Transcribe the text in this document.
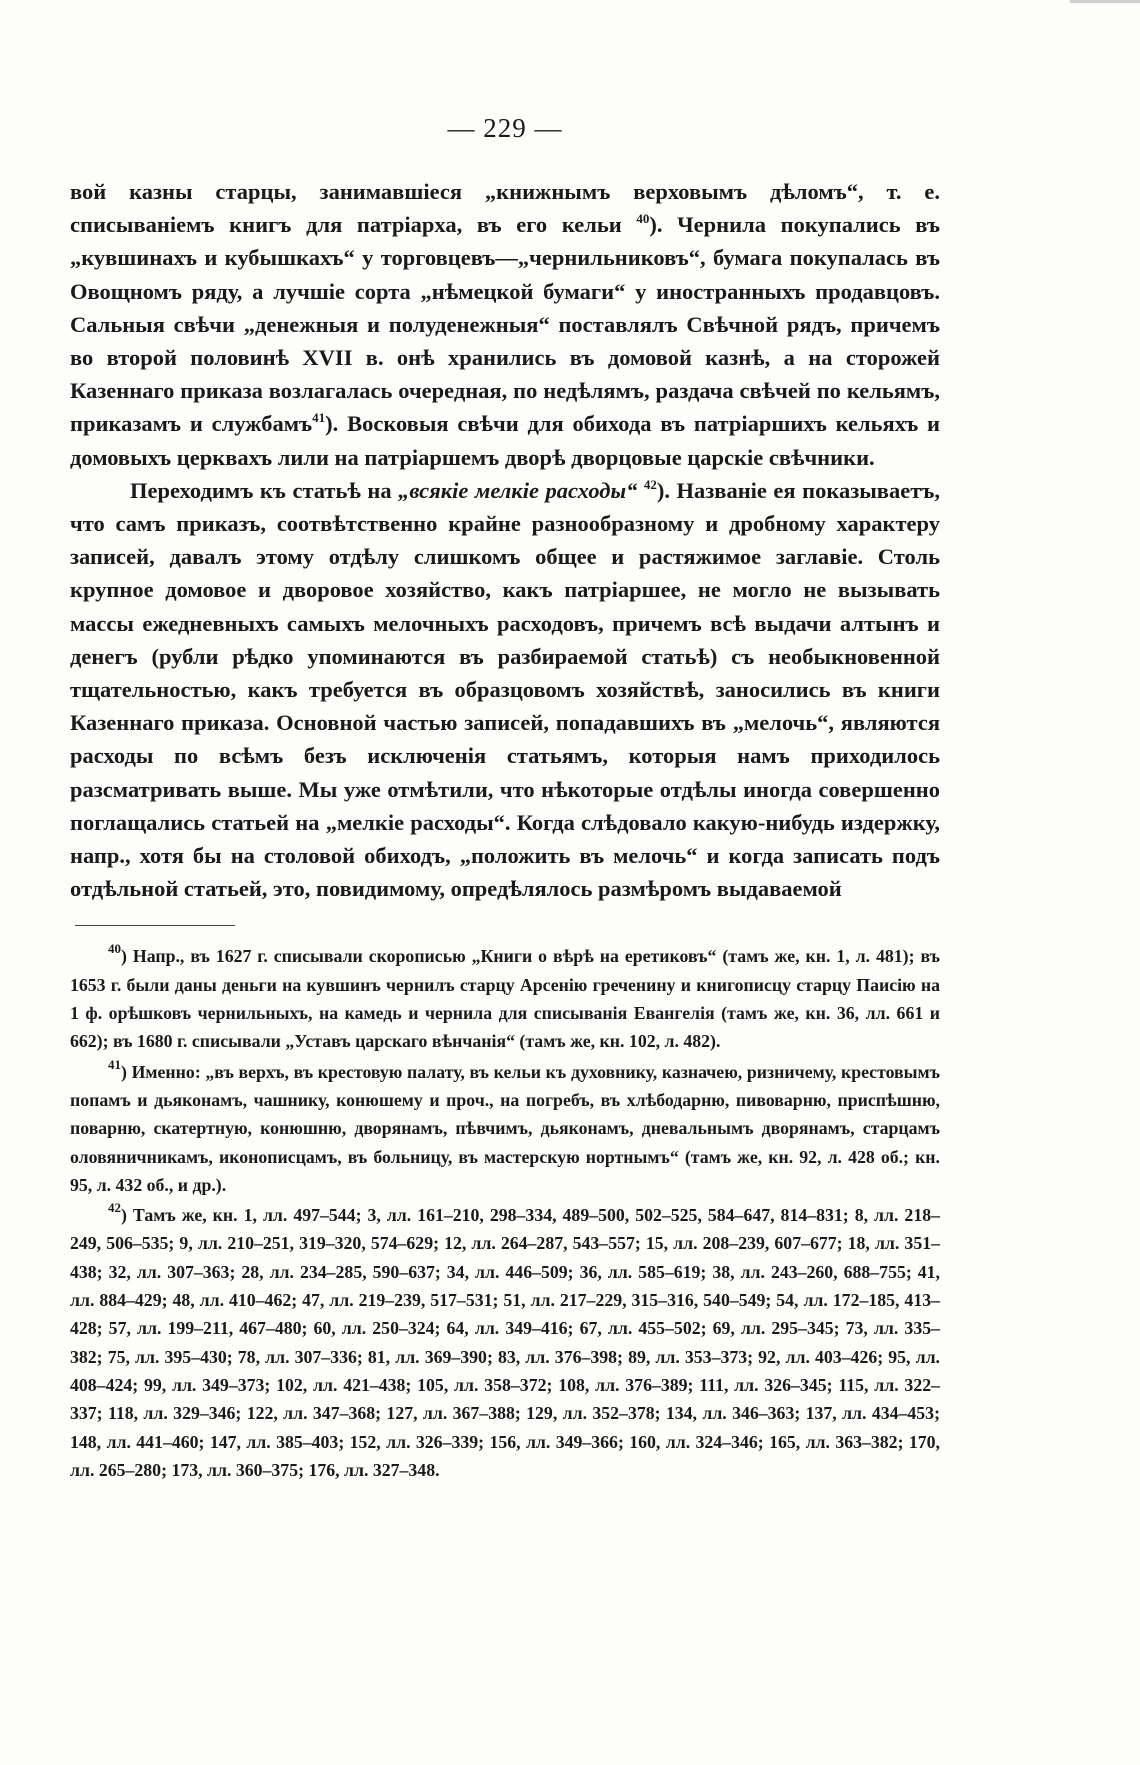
— 229 —

вой казны старцы, занимавшіеся „книжнымъ верховымъ дѣломъ“, т. е. списываніемъ книгъ для патріарха, въ его кельи $^{40}$). Чернила покупались въ „кувшинахъ и кубышкахъ“ у торговцевъ—„чернильниковъ“, бумага покупалась въ Овощномъ ряду, а лучшіе сорта „нѣмецкой бумаги“ у иностранныхъ продавцовъ. Сальныя свѣчи „денежныя и полуденежныя“ поставлялъ Свѣчной рядъ, причемъ во второй половинѣ XVII в. онѣ хранились въ домовой казнѣ, а на сторожей Казеннаго приказа возлагалась очередная, по недѣлямъ, раздача свѣчей по кельямъ, приказамъ и службамъ$^{41}$). Восковыя свѣчи для обихода въ патріаршихъ кельяхъ и домовыхъ церквахъ лили на патріаршемъ дворѣ дворцовые царскіе свѣчники.

Переходимъ къ статьѣ на „всякіе мелкіе расходы“ $^{42}$). Названіе ея показываетъ, что самъ приказъ, соотвѣтственно крайне разнообразному и дробному характеру записей, давалъ этому отдѣлу слишкомъ общее и растяжимое заглавіе. Столь крупное домовое и дворовое хозяйство, какъ патріаршее, не могло не вызывать массы ежедневныхъ самыхъ мелочныхъ расходовъ, причемъ всѣ выдачи алтынъ и денегъ (рубли рѣдко упоминаются въ разбираемой статьѣ) съ необыкновенной тщательностью, какъ требуется въ образцовомъ хозяйствѣ, заносились въ книги Казеннаго приказа. Основной частью записей, попадавшихъ въ „мелочь“, являются расходы по всѣмъ безъ исключенія статьямъ, которыя намъ приходилось разсматривать выше. Мы уже отмѣтили, что нѣкоторые отдѣлы иногда совершенно поглащались статьей на „мелкіе расходы“. Когда слѣдовало какую-нибудь издержку, напр., хотя бы на столовой обиходъ, „положить въ мелочь“ и когда записать подъ отдѣльной статьей, это, повидимому, опредѣлялось размѣромъ выдаваемой

$^{40}$) Напр., въ 1627 г. списывали скорописью „Книги о вѣрѣ на еретиковъ“ (тамъ же, кн. 1, л. 481); въ 1653 г. были даны деньги на кувшинъ чернилъ старцу Арсенію греченину и книгописцу старцу Паисію на 1 ф. орѣшковъ чернильныхъ, на камедь и чернила для списыванія Евангелія (тамъ же, кн. 36, лл. 661 и 662); въ 1680 г. списывали „Уставъ царскаго вѣнчанія“ (тамъ же, кн. 102, л. 482).

$^{41}$) Именно: „въ верхъ, въ крестовую палату, въ кельи къ духовнику, казначею, ризничему, крестовымъ попамъ и дьяконамъ, чашнику, конюшему и проч., на погребъ, въ хлѣбодарню, пивоварню, приспѣшню, поварню, скатертную, конюшню, дворянамъ, пѣвчимъ, дьяконамъ, дневальнымъ дворянамъ, старцамъ оловяничникамъ, иконописцамъ, въ больницу, въ мастерскую нортнымъ“ (тамъ же, кн. 92, л. 428 об.; кн. 95, л. 432 об., и др.).

$^{42}$) Тамъ же, кн. 1, лл. 497–544; 3, лл. 161–210, 298–334, 489–500, 502–525, 584–647, 814–831; 8, лл. 218–249, 506–535; 9, лл. 210–251, 319–320, 574–629; 12, лл. 264–287, 543–557; 15, лл. 208–239, 607–677; 18, лл. 351–438; 32, лл. 307–363; 28, лл. 234–285, 590–637; 34, лл. 446–509; 36, лл. 585–619; 38, лл. 243–260, 688–755; 41, лл. 884–429; 48, лл. 410–462; 47, лл. 219–239, 517–531; 51, лл. 217–229, 315–316, 540–549; 54, лл. 172–185, 413–428; 57, лл. 199–211, 467–480; 60, лл. 250–324; 64, лл. 349–416; 67, лл. 455–502; 69, лл. 295–345; 73, лл. 335–382; 75, лл. 395–430; 78, лл. 307–336; 81, лл. 369–390; 83, лл. 376–398; 89, лл. 353–373; 92, лл. 403–426; 95, лл. 408–424; 99, лл. 349–373; 102, лл. 421–438; 105, лл. 358–372; 108, лл. 376–389; 111, лл. 326–345; 115, лл. 322–337; 118, лл. 329–346; 122, лл. 347–368; 127, лл. 367–388; 129, лл. 352–378; 134, лл. 346–363; 137, лл. 434–453; 148, лл. 441–460; 147, лл. 385–403; 152, лл. 326–339; 156, лл. 349–366; 160, лл. 324–346; 165, лл. 363–382; 170, лл. 265–280; 173, лл. 360–375; 176, лл. 327–348.
